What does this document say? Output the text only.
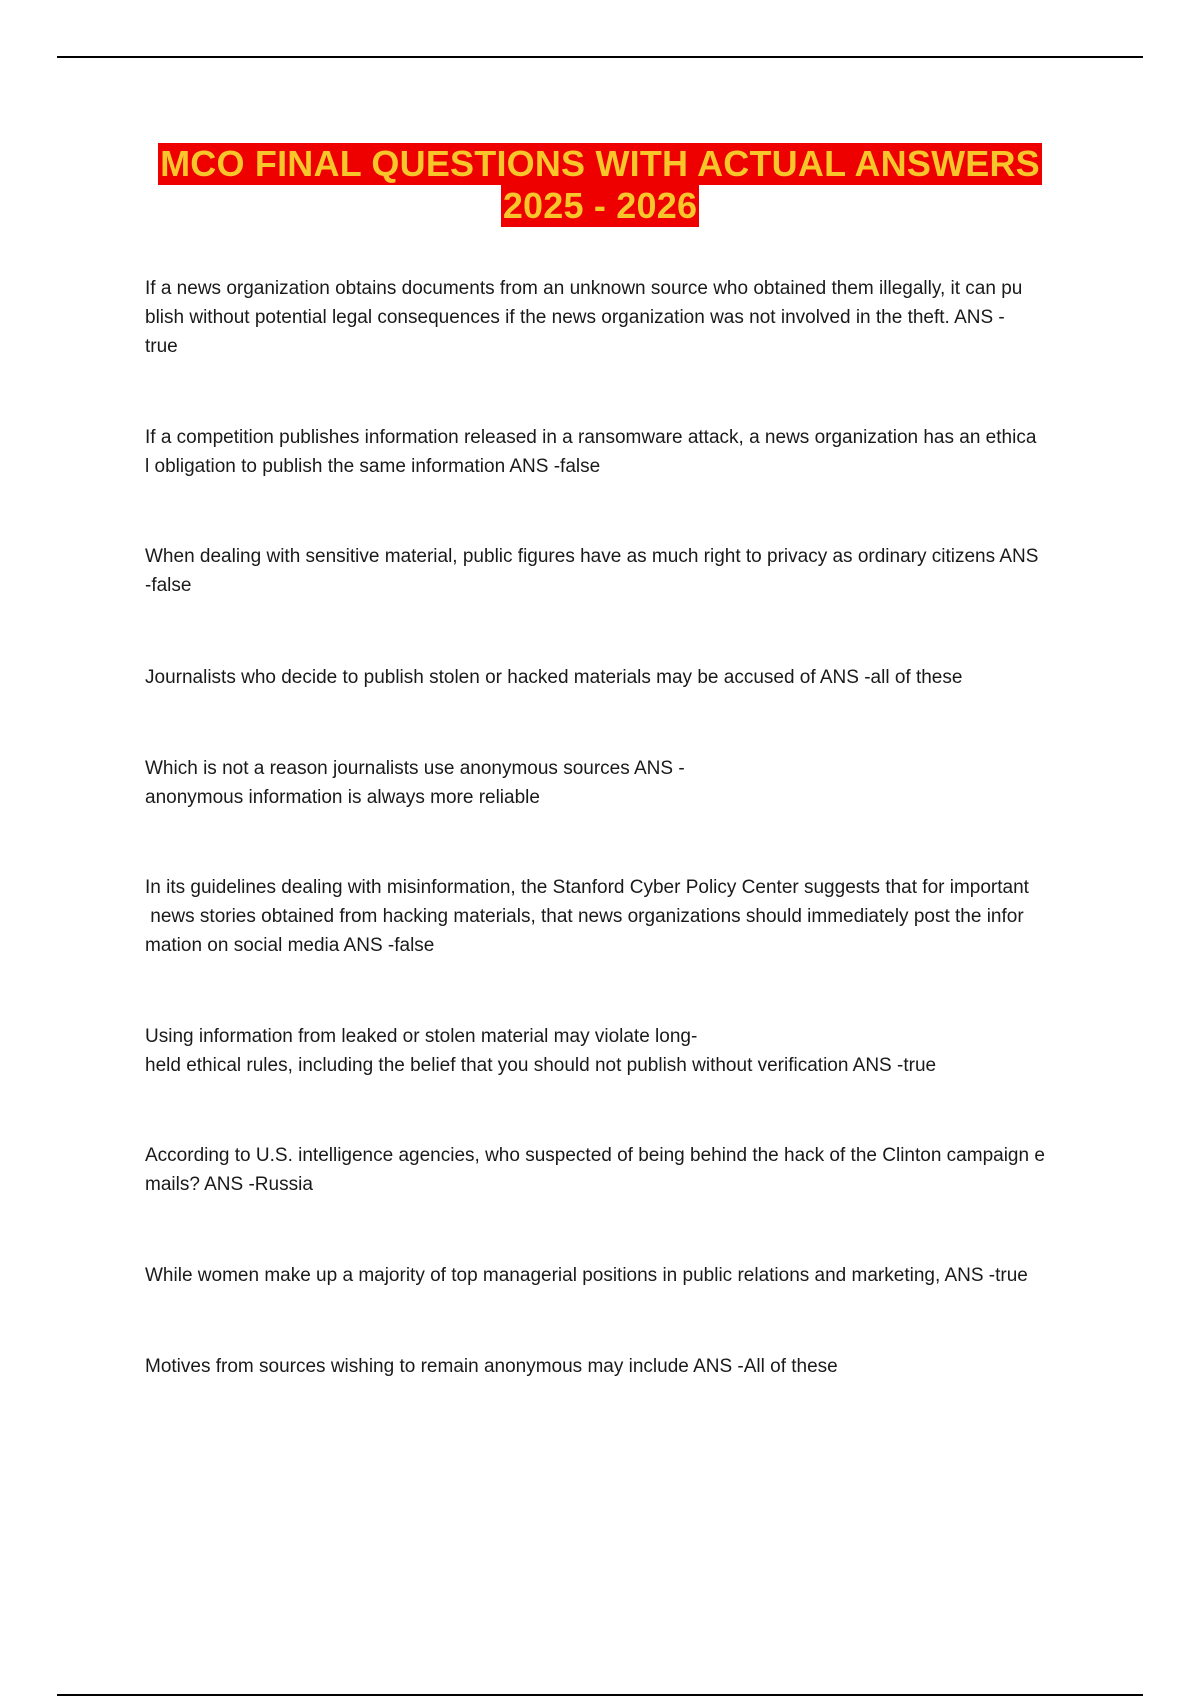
MCO FINAL QUESTIONS WITH ACTUAL ANSWERS
2025 - 2026
If a news organization obtains documents from an unknown source who obtained them illegally, it can pu
blish without potential legal consequences if the news organization was not involved in the theft. ANS -
true
If a competition publishes information released in a ransomware attack, a news organization has an ethica
l obligation to publish the same information ANS -false
When dealing with sensitive material, public figures have as much right to privacy as ordinary citizens ANS
-false
Journalists who decide to publish stolen or hacked materials may be accused of ANS -all of these
Which is not a reason journalists use anonymous sources ANS -
anonymous information is always more reliable
In its guidelines dealing with misinformation, the Stanford Cyber Policy Center suggests that for important
news stories obtained from hacking materials, that news organizations should immediately post the infor
mation on social media ANS -false
Using information from leaked or stolen material may violate long-
held ethical rules, including the belief that you should not publish without verification ANS -true
According to U.S. intelligence agencies, who suspected of being behind the hack of the Clinton campaign e
mails? ANS -Russia
While women make up a majority of top managerial positions in public relations and marketing, ANS -true
Motives from sources wishing to remain anonymous may include ANS -All of these
